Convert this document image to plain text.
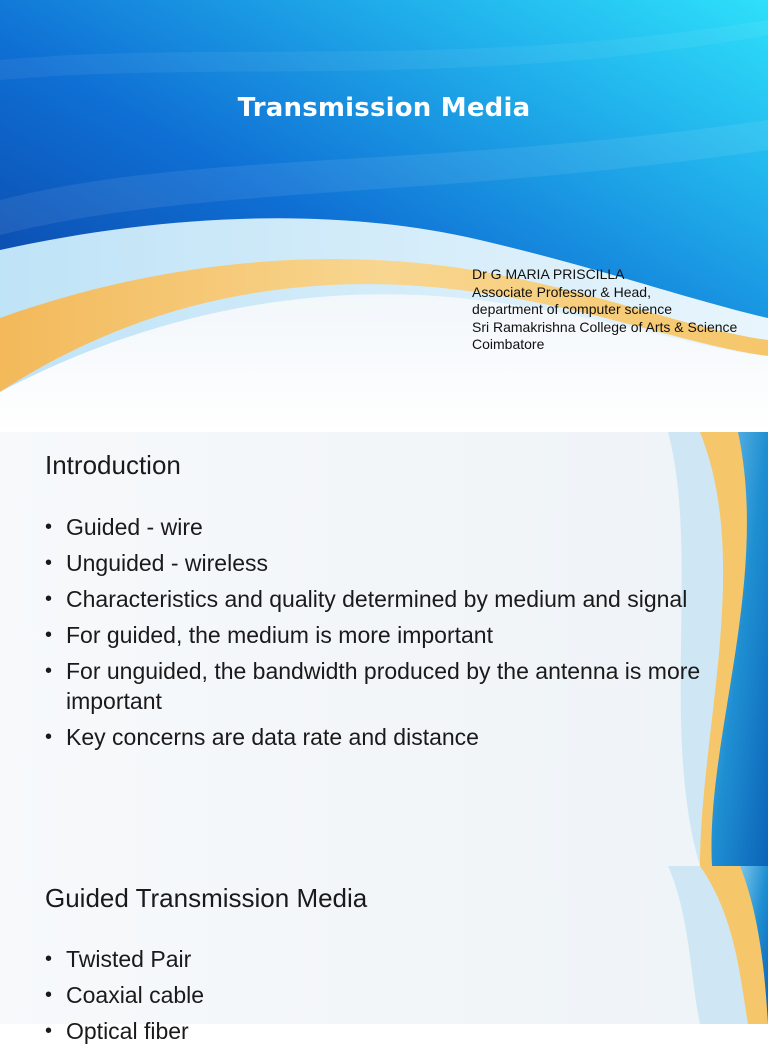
Transmission Media
Dr G MARIA PRISCILLA
Associate Professor & Head,
department of computer science
Sri Ramakrishna College of Arts & Science
Coimbatore
Introduction
• Guided - wire
• Unguided - wireless
• Characteristics and quality determined by medium and signal
• For guided, the medium is more important
• For unguided, the bandwidth produced by the antenna is more important
• Key concerns are data rate and distance
Guided Transmission Media
• Twisted Pair
• Coaxial cable
• Optical fiber
